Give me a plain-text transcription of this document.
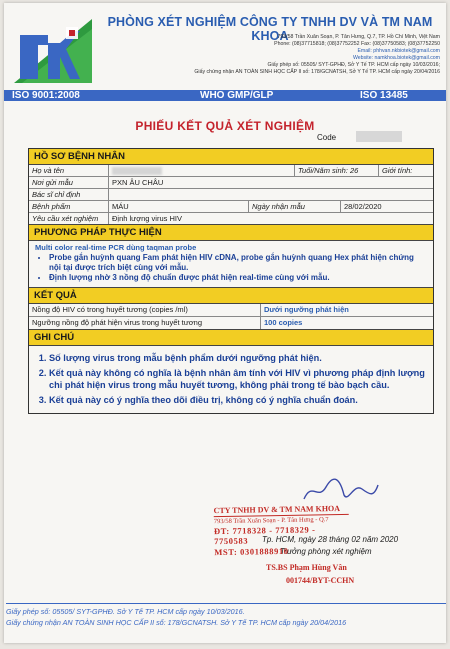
PHÒNG XÉT NGHIỆM CÔNG TY TNHH DV VÀ TM NAM KHOA
793/58 Trần Xuân Soạn, P. Tân Hưng, Q.7, TP. Hồ Chí Minh, Việt Nam
Phone: (08)37715818; (08)37752252 Fax: (08)37750583; (08)37752250
Email: phhvan.nkbiotek@gmail.com
Website: namkhoa.biotek@gmail.com
Giấy phép số: 05505/ SYT-GPHĐ, Sở Y Tế TP. HCM cấp ngày 10/03/2016;
Giấy chứng nhận AN TOÀN SINH HỌC CẤP II số: 178/GCNATSH, Sở Y Tế TP. HCM cấp ngày 20/04/2016
ISO 9001:2008	WHO GMP/GLP	ISO 13485
PHIẾU KẾT QUẢ XÉT NGHIỆM
Code
HỒ SƠ BỆNH NHÂN
Họ và tên	Tuổi/Năm sinh: 26	Giới tính:
Nơi gửi mẫu	PXN ÂU CHÂU
Bác sĩ chỉ định
Bệnh phẩm	MÁU	Ngày nhận mẫu	28/02/2020
Yêu cầu xét nghiệm	Định lượng virus HIV
PHƯƠNG PHÁP THỰC HIỆN
Multi color real-time PCR dùng taqman probe
• Probe gắn huỳnh quang Fam phát hiện HIV cDNA, probe gắn huỳnh quang Hex phát hiện chứng nội tại được trích biệt cùng với mẫu.
• Định lượng nhờ 3 nồng độ chuẩn được phát hiện real-time cùng với mẫu.
KẾT QUẢ
Nồng độ HIV có trong huyết tương (copies /ml)	Dưới ngưỡng phát hiện
Ngưỡng nồng độ phát hiện virus trong huyết tương	100 copies
GHI CHÚ
1. Số lượng virus trong mẫu bệnh phẩm dưới ngưỡng phát hiện.
2. Kết quả này không có nghĩa là bệnh nhân âm tính với HIV vì phương pháp định lượng chỉ phát hiện virus trong mẫu huyết tương, không phải trong tế bào bạch cầu.
3. Kết quả này có ý nghĩa theo dõi điều trị, không có ý nghĩa chuẩn đoán.
Tp. HCM, ngày 28 tháng 02 năm 2020
Trưởng phòng xét nghiệm
CTY TNHH DV & TM NAM KHOA
793/58 Trần Xuân Soạn - P. Tân Hưng - Q.7
ĐT: 7718328 - 7718329 - 7750583
MST: 0301888910
TS.BS Phạm Hùng Vân
001744/BYT-CCHN
Giấy phép số: 05505/ SYT-GPHĐ. Sở Y Tế TP. HCM cấp ngày 10/03/2016.
Giấy chứng nhận AN TOÀN SINH HỌC CẤP II số: 178/GCNATSH. Sở Y Tế TP. HCM cấp ngày 20/04/2016
